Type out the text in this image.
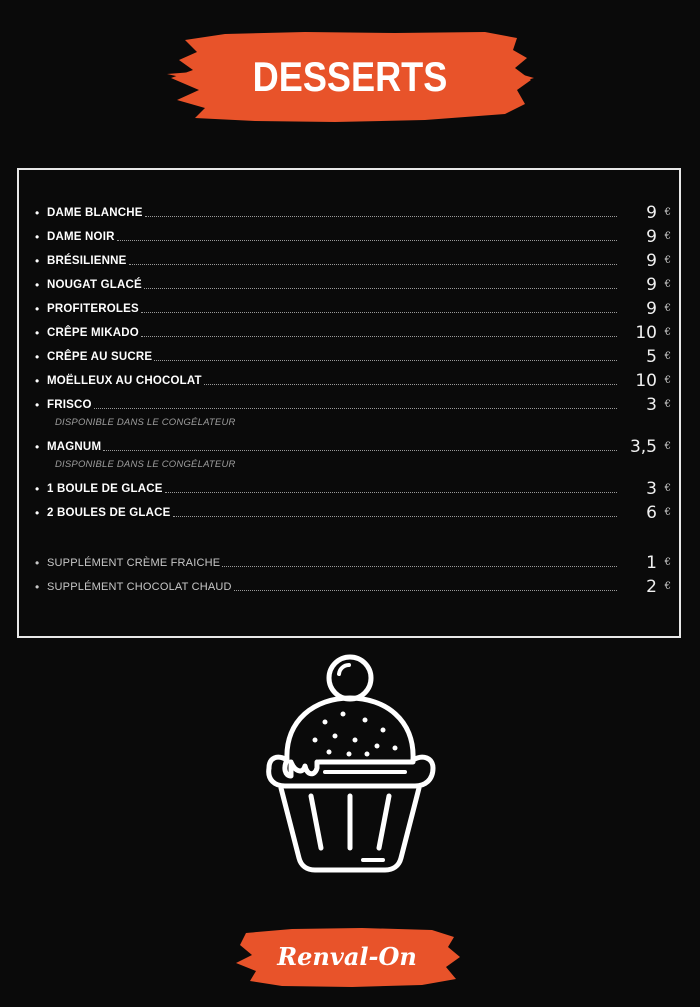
DESSERTS
• DAME BLANCHE	9 €
• DAME NOIR	9 €
• BRÉSILIENNE	9 €
• NOUGAT GLACÉ	9 €
• PROFITEROLES	9 €
• CRÊPE MIKADO	10 €
• CRÊPE AU SUCRE	5 €
• MOËLLEUX AU CHOCOLAT	10 €
• FRISCO	3 €
DISPONIBLE DANS LE CONGÉLATEUR
• MAGNUM	3,5 €
DISPONIBLE DANS LE CONGÉLATEUR
• 1 BOULE DE GLACE	3 €
• 2 BOULES DE GLACE	6 €
• SUPPLÉMENT CRÈME FRAICHE	1 €
• SUPPLÉMENT CHOCOLAT CHAUD	2 €
Renval-On
